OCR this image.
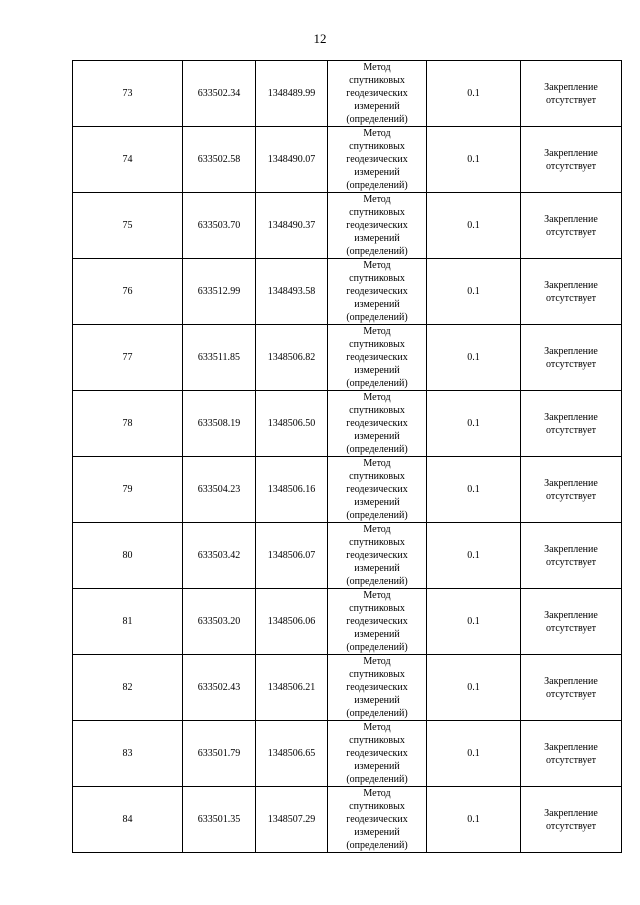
12
73	633502.34	1348489.99	Метод
спутниковых
геодезических
измерений
(определений)	0.1	Закрепление
отсутствует

74	633502.58	1348490.07	Метод
спутниковых
геодезических
измерений
(определений)	0.1	Закрепление
отсутствует

75	633503.70	1348490.37	Метод
спутниковых
геодезических
измерений
(определений)	0.1	Закрепление
отсутствует

76	633512.99	1348493.58	Метод
спутниковых
геодезических
измерений
(определений)	0.1	Закрепление
отсутствует

77	633511.85	1348506.82	Метод
спутниковых
геодезических
измерений
(определений)	0.1	Закрепление
отсутствует

78	633508.19	1348506.50	Метод
спутниковых
геодезических
измерений
(определений)	0.1	Закрепление
отсутствует

79	633504.23	1348506.16	Метод
спутниковых
геодезических
измерений
(определений)	0.1	Закрепление
отсутствует

80	633503.42	1348506.07	Метод
спутниковых
геодезических
измерений
(определений)	0.1	Закрепление
отсутствует

81	633503.20	1348506.06	Метод
спутниковых
геодезических
измерений
(определений)	0.1	Закрепление
отсутствует

82	633502.43	1348506.21	Метод
спутниковых
геодезических
измерений
(определений)	0.1	Закрепление
отсутствует

83	633501.79	1348506.65	Метод
спутниковых
геодезических
измерений
(определений)	0.1	Закрепление
отсутствует

84	633501.35	1348507.29	Метод
спутниковых
геодезических
измерений
(определений)	0.1	Закрепление
отсутствует
